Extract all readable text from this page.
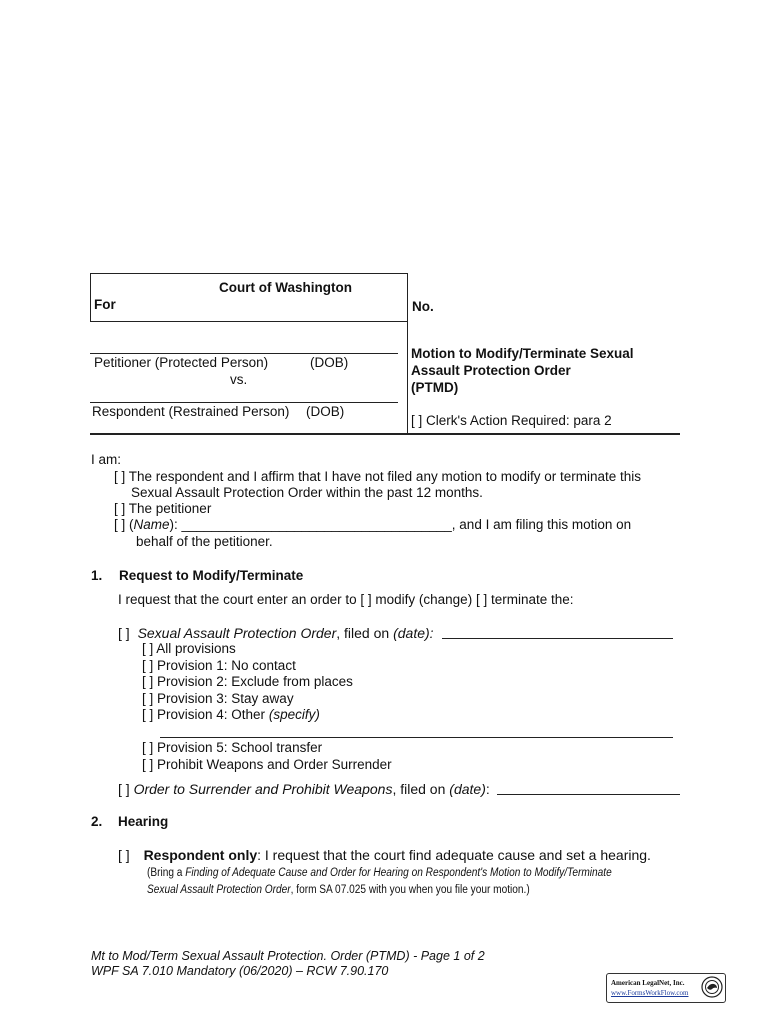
Court of Washington
For	No.
Petitioner (Protected Person)	(DOB)
vs.
Respondent (Restrained Person) (DOB)
Motion to Modify/Terminate Sexual
Assault Protection Order
(PTMD)
[ ] Clerk's Action Required: para 2
I am:
[ ] The respondent and I affirm that I have not filed any motion to modify or terminate this
Sexual Assault Protection Order within the past 12 months.
[ ] The petitioner
[ ] (Name): ____________________________________, and I am filing this motion on
behalf of the petitioner.
1. Request to Modify/Terminate
I request that the court enter an order to [ ] modify (change) [ ] terminate the:
[ ] Sexual Assault Protection Order, filed on (date):
[ ] All provisions
[ ] Provision 1: No contact
[ ] Provision 2: Exclude from places
[ ] Provision 3: Stay away
[ ] Provision 4: Other (specify)
[ ] Provision 5: School transfer
[ ] Prohibit Weapons and Order Surrender
[ ] Order to Surrender and Prohibit Weapons, filed on (date):
2. Hearing
[ ] Respondent only: I request that the court find adequate cause and set a hearing.
(Bring a Finding of Adequate Cause and Order for Hearing on Respondent's Motion to Modify/Terminate
Sexual Assault Protection Order, form SA 07.025 with you when you file your motion.)
Mt to Mod/Term Sexual Assault Protection. Order (PTMD) - Page 1 of 2
WPF SA 7.010 Mandatory (06/2020) – RCW 7.90.170
American LegalNet, Inc.
www.FormsWorkFlow.com
